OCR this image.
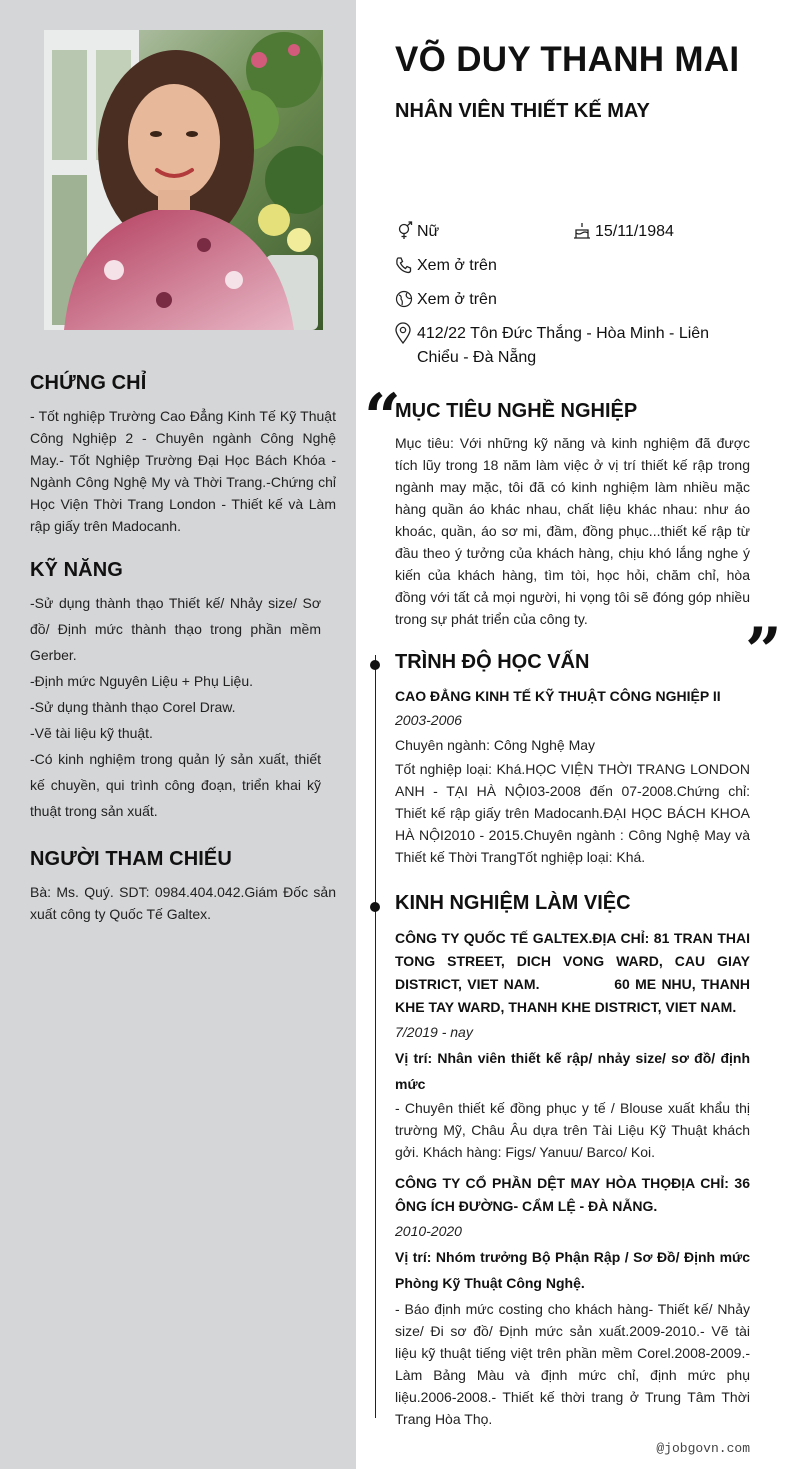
CHỨNG CHỈ
- Tốt nghiệp Trường Cao Đẳng Kinh Tế Kỹ Thuật Công Nghiệp 2 - Chuyên ngành Công Nghệ May.- Tốt Nghiệp Trường Đại Học Bách Khóa - Ngành Công Nghệ My và Thời Trang.-Chứng chỉ Học Viện Thời Trang London - Thiết kế và Làm rập giấy trên Madocanh.
KỸ NĂNG

-Sử dụng thành thạo Thiết kế/ Nhảy size/ Sơ đồ/ Định mức thành thạo trong phần mềm Gerber.

-Định mức Nguyên Liệu + Phụ Liệu.

-Sử dụng thành thạo Corel Draw.

-Vẽ tài liệu kỹ thuật.

-Có kinh nghiệm trong quản lý sản xuất, thiết kế chuyền, qui trình công đoạn, triển khai kỹ thuật trong sản xuất.

NGƯỜI THAM CHIẾU
Bà: Ms. Quý. SDT: 0984.404.042.Giám Đốc sản xuất công ty Quốc Tế Galtex.
VÕ DUY THANH MAI
NHÂN VIÊN THIẾT KẾ MAY
Nữ	15/11/1984
Xem ở trên
Xem ở trên
412/22 Tôn Đức Thắng - Hòa Minh - Liên Chiểu - Đà Nẵng
“
MỤC TIÊU NGHỀ NGHIỆP
Mục tiêu: Với những kỹ năng và kinh nghiệm đã được tích lũy trong 18 năm làm việc ở vị trí thiết kế rập trong ngành may mặc, tôi đã có kinh nghiệm làm nhiều mặc hàng quần áo khác nhau, chất liệu khác nhau: như áo khoác, quần, áo sơ mi, đầm, đồng phục...thiết kế rập từ đầu theo ý tưởng của khách hàng, chịu khó lắng nghe ý kiến của khách hàng, tìm tòi, học hỏi, chăm chỉ, hòa đồng với tất cả mọi người, hi vọng tôi sẽ đóng góp nhiều trong sự phát triển của công ty.	”
TRÌNH ĐỘ HỌC VẤN
CAO ĐẲNG KINH TẾ KỸ THUẬT CÔNG NGHIỆP II
2003-2006
Chuyên ngành: Công Nghệ May
Tốt nghiệp loại: Khá.HỌC VIỆN THỜI TRANG LONDON ANH - TẠI HÀ NỘI03-2008 đến 07-2008.Chứng chỉ: Thiết kế rập giấy trên Madocanh.ĐẠI HỌC BÁCH KHOA HÀ NỘI2010 - 2015.Chuyên ngành : Công Nghệ May và Thiết kế Thời TrangTốt nghiệp loại: Khá.
KINH NGHIỆM LÀM VIỆC
CÔNG TY QUỐC TẾ GALTEX.ĐỊA CHỈ: 81 TRAN THAI TONG STREET, DICH VONG WARD, CAU GIAY DISTRICT, VIET NAM.              60 ME NHU, THANH KHE TAY WARD, THANH KHE DISTRICT, VIET NAM.
7/2019 - nay
Vị trí: Nhân viên thiết kế rập/ nhảy size/ sơ đồ/ định mức
- Chuyên thiết kế đồng phục y tế / Blouse xuất khẩu thị trường Mỹ, Châu Âu dựa trên Tài Liệu Kỹ Thuật khách gởi. Khách hàng: Figs/ Yanuu/ Barco/ Koi.
CÔNG TY CỔ PHẦN DỆT MAY HÒA THỌĐỊA CHỈ: 36 ÔNG ÍCH ĐƯỜNG- CẨM LỆ - ĐÀ NẴNG.
2010-2020
Vị trí: Nhóm trưởng Bộ Phận Rập / Sơ Đồ/ Định mức Phòng Kỹ Thuật Công Nghệ.
- Báo định mức costing cho khách hàng- Thiết kế/ Nhảy size/ Đi sơ đồ/ Định mức sản xuất.2009-2010.- Vẽ tài liệu kỹ thuật tiếng việt trên phần mềm Corel.2008-2009.- Làm Bảng Màu và định mức chỉ, định mức phụ liệu.2006-2008.- Thiết kế thời trang ở Trung Tâm Thời Trang Hòa Thọ.
@jobgovn.com
